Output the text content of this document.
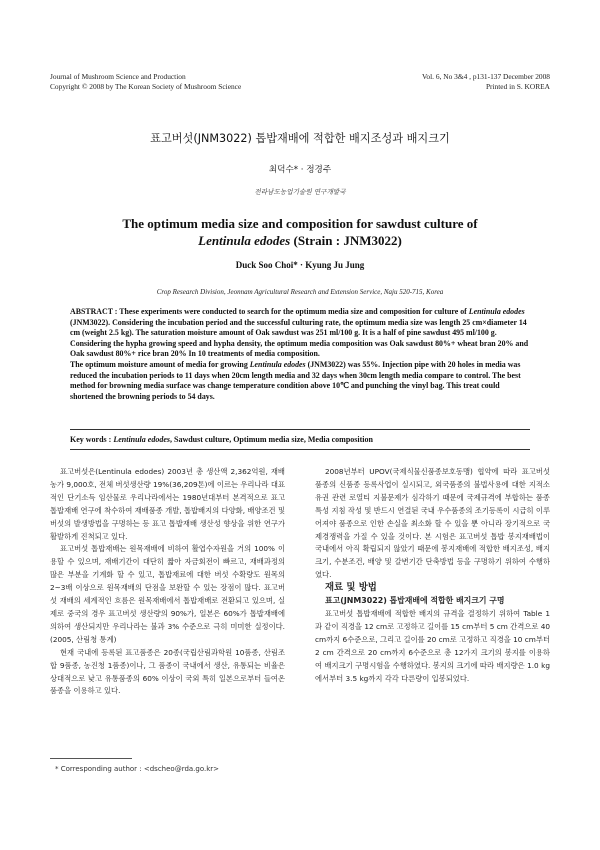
Journal of Mushroom Science and Production
Copyright © 2008 by The Korean Society of Mushroom Science
Vol. 6, No 3&4 , p131-137 December 2008
Printed in S. KOREA
표고버섯(JNM3022) 톱밥재배에 적합한 배지조성과 배지크기
최덕수* · 정경주
전라남도농업기술원 연구개발국
The optimum media size and composition for sawdust culture of
Lentinula edodes (Strain : JNM3022)
Duck Soo Choi* · Kyung Ju Jung
Crop Research Division, Jeonnam Agricultural Research and Extension Service, Naju 520-715, Korea

ABSTRACT : These experiments were conducted to search for the optimum media size and composition for culture of Lentinula edodes (JNM3022). Considering the incubation period and the successful culturing rate, the optimum media size was length 25 cm×diameter 14 cm (weight 2.5 kg). The saturation moisture amount of Oak sawdust was 251 ml/100 g. It is a half of pine sawdust 495 ml/100 g. Considering the hypha growing speed and hypha density, the optimum media composition was Oak sawdust 80%+ wheat bran 20% and Oak sawdust 80%+ rice bran 20% In 10 treatments of media composition.

The optimum moisture amount of media for growing Lentinula edodes (JNM3022) was 55%. Injection pipe with 20 holes in media was reduced the incubation periods to 11 days when 20cm length media and 32 days when 30cm length media compare to control. The best method for browning media surface was change temperature condition above 10℃ and punching the vinyl bag. This treat could shortened the browning periods to 54 days.

Key words : Lentinula edodes, Sawdust culture, Optimum media size, Media composition

표고버섯은(Lentinula edodes) 2003년 총 생산액 2,362억원, 재배농가 9,000호, 전체 버섯생산량 19%(36,209톤)에 이르는 우리나라 대표적인 단기소득 임산물로 우리나라에서는 1980년대부터 본격적으로 표고 톱밥재배 연구에 착수하여 재배품종 개발, 톱밥배지의 다양화, 배양조건 및 버섯의 발생방법을 구명하는 등 표고 톱밥재배 생산성 향상을 위한 연구가 활발하게 진척되고 있다.

표고버섯 톱밥재배는 원목재배에 비하여 활엽수자원을 거의 100% 이용할 수 있으며, 재배기간이 대단히 짧아 자금회전이 빠르고, 재배과정의 많은 부분을 기계화 할 수 있고, 톱밥재료에 대한 버섯 수확량도 원목의 2~3배 이상으로 원목재배의 단점을 보완할 수 있는 장점이 많다. 표고버섯 재배의 세계적인 흐름은 원목재배에서 톱밥재배로 전환되고 있으며, 실제로 중국의 경우 표고버섯 생산량의 90%가, 일본은 60%가 톱밥재배에 의하여 생산되지만 우리나라는 불과 3% 수준으로 극히 미미한 실정이다.(2005, 산림청 통계)

현재 국내에 등록된 표고품종은 20종(국립산림과학원 10품종, 산림조합 9품종, 농진청 1품종)이나, 그 품종이 국내에서 생산, 유통되는 비율은 상대적으로 낮고 유통품종의 60% 이상이 국외 특히 일본으로부터 들여온 품종을 이용하고 있다.

2008년부터 UPOV(국제식물신품종보호동맹) 협약에 따라 표고버섯 품종의 신품종 등록사업이 실시되고, 외국품종의 불법사용에 대한 지적소유권 관련 로열티 지불문제가 심각하기 때문에 국제규격에 부합하는 품종특성 지침 작성 및 반드시 연결된 국내 우수품종의 조기등록이 시급히 이루어져야 품종으로 인한 손실을 최소화 할 수 있을 뿐 아니라 장기적으로 국제경쟁력을 가질 수 있을 것이다. 본 시험은 표고버섯 톱밥 봉지재배법이 국내에서 아직 확립되지 않았기 때문에 봉지재배에 적합한 배지조성, 배지크기, 수분조건, 배양 및 갈변기간 단축방법 등을 구명하기 위하여 수행하였다.

재료 및 방법

표고(JNM3022) 톱밥재배에 적합한 배지크기 구명

표고버섯 톱밥재배에 적합한 배지의 규격을 결정하기 위하여 Table 1 과 같이 직경을 12 cm로 고정하고 길이를 15 cm부터 5 cm 간격으로 40 cm까지 6수준으로, 그리고 길이를 20 cm로 고정하고 직경을 10 cm부터 2 cm 간격으로 20 cm까지 6수준으로 총 12가지 크기의 봉지를 이용하여 배지크기 구명시험을 수행하였다. 봉지의 크기에 따라 배지량은 1.0 kg에서부터 3.5 kg까지 각각 다른량이 입봉되었다.

* Corresponding author : <dscheo@rda.go.kr>
